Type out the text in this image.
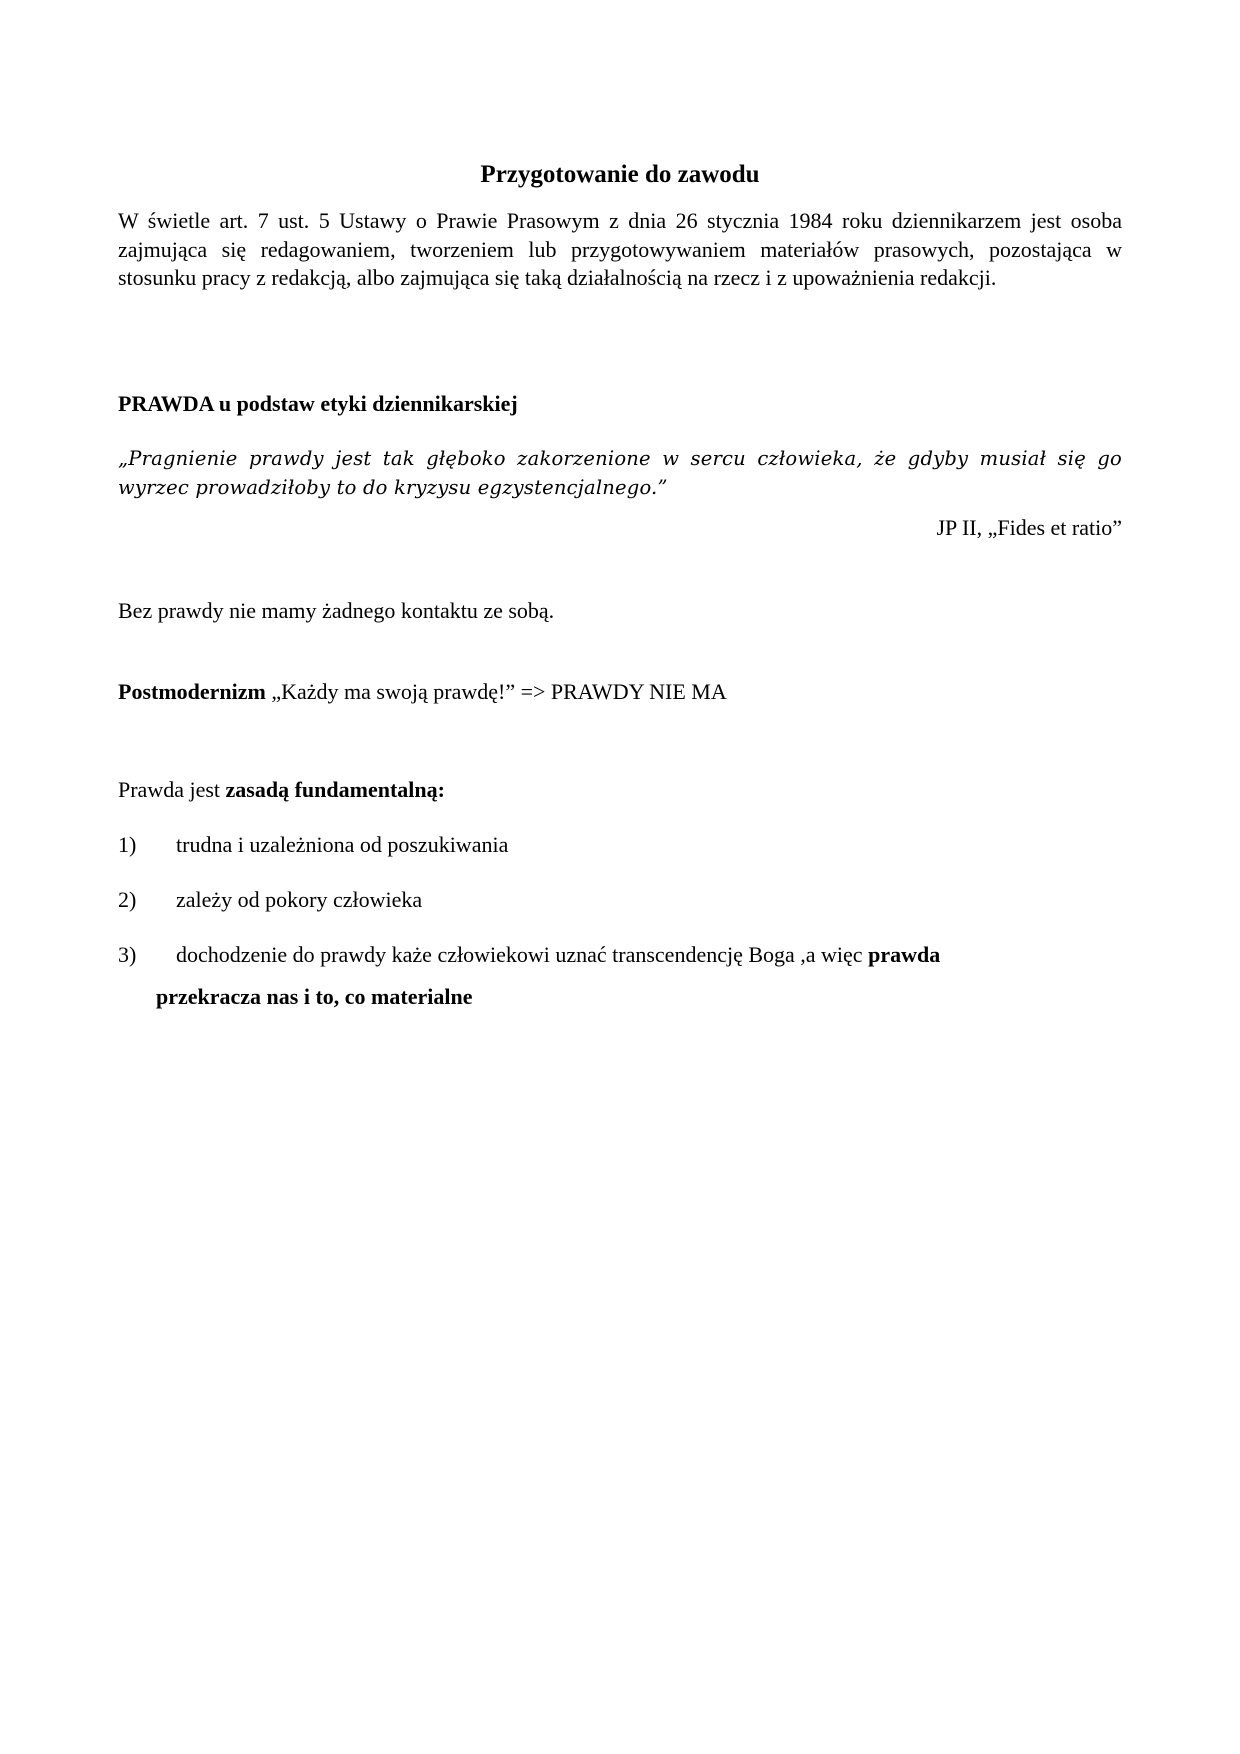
Przygotowanie do zawodu

W świetle art. 7 ust. 5 Ustawy o Prawie Prasowym z dnia 26 stycznia 1984 roku dziennikarzem jest osoba zajmująca się redagowaniem, tworzeniem lub przygotowywaniem materiałów prasowych, pozostająca w stosunku pracy z redakcją, albo zajmująca się taką działalnością na rzecz i z upoważnienia redakcji.

PRAWDA u podstaw etyki dziennikarskiej

„Pragnienie prawdy jest tak głęboko zakorzenione w sercu człowieka, że gdyby musiał się go wyrzec prowadziłoby to do kryzysu egzystencjalnego.”

JP II, „Fides et ratio”
Bez prawdy nie mamy żadnego kontaktu ze sobą.
Postmodernizm „Każdy ma swoją prawdę!” => PRAWDY NIE MA
Prawda jest zasadą fundamentalną:
1)	trudna i uzależniona od poszukiwania
2)	zależy od pokory człowieka
3)	dochodzenie do prawdy każe człowiekowi uznać transcendencję Boga ,a więc prawda
przekracza nas i to, co materialne
